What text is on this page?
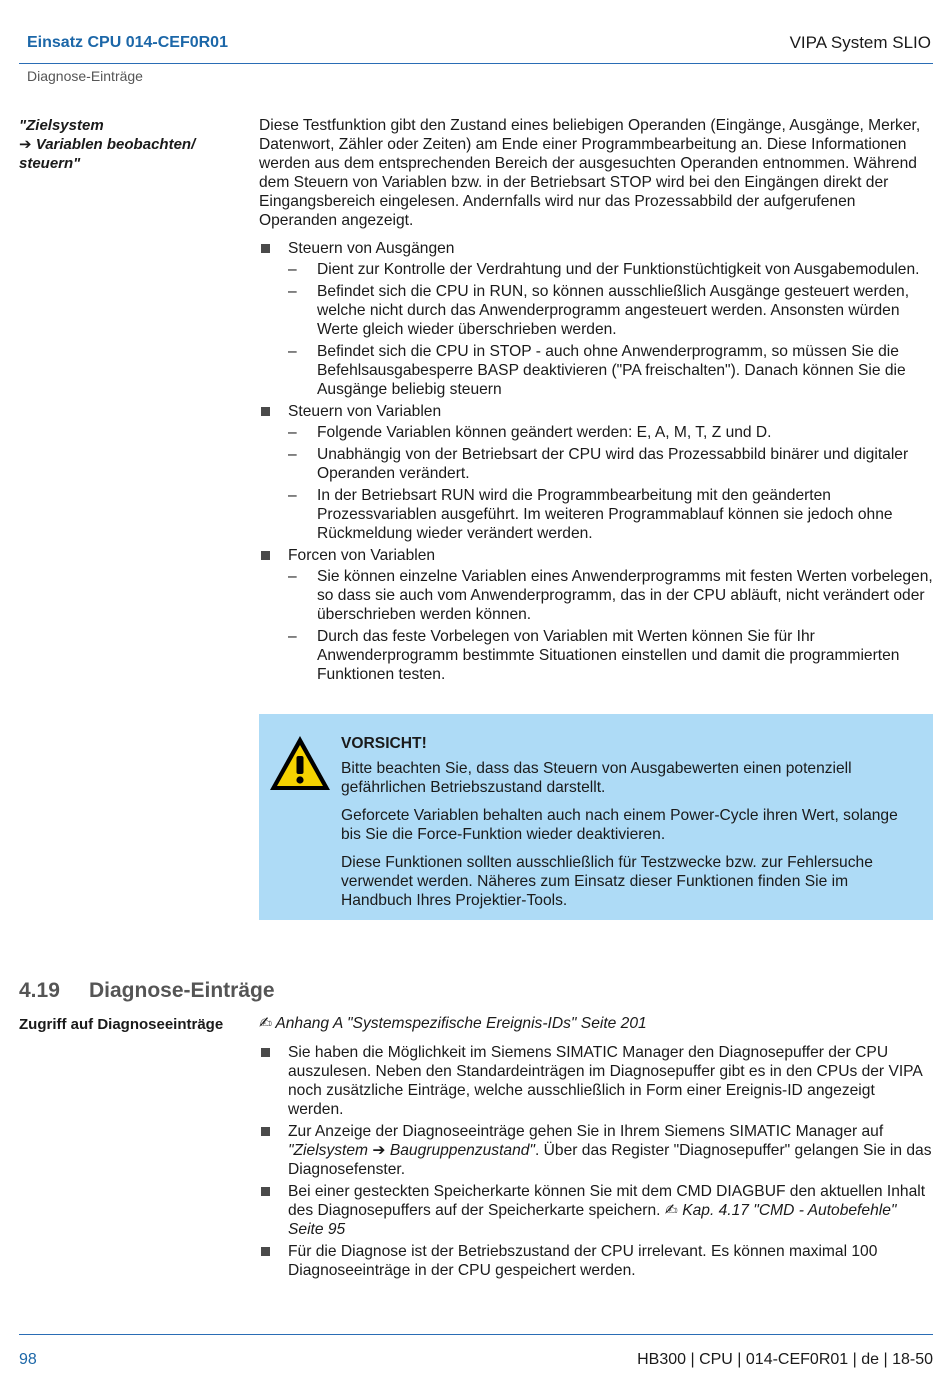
Einsatz CPU 014-CEF0R01	VIPA System SLIO
Diagnose-Einträge
"Zielsystem
➔ Variablen beobachten/
steuern"

Diese Testfunktion gibt den Zustand eines beliebigen Operanden (Eingänge, Ausgänge, Merker, Datenwort, Zähler oder Zeiten) am Ende einer Programmbearbeitung an. Diese Informationen werden aus dem entsprechenden Bereich der ausgesuchten Operanden entnommen. Während dem Steuern von Variablen bzw. in der Betriebsart STOP wird bei den Eingängen direkt der Eingangsbereich eingelesen. Andernfalls wird nur das Prozessabbild der aufgerufenen Operanden angezeigt.

Steuern von Ausgängen
– Dient zur Kontrolle der Verdrahtung und der Funktionstüchtigkeit von Ausgabemodulen.
– Befindet sich die CPU in RUN, so können ausschließlich Ausgänge gesteuert werden, welche nicht durch das Anwenderprogramm angesteuert werden. Ansonsten würden Werte gleich wieder überschrieben werden.
– Befindet sich die CPU in STOP - auch ohne Anwenderprogramm, so müssen Sie die Befehlsausgabesperre BASP deaktivieren ("PA freischalten"). Danach können Sie die Ausgänge beliebig steuern
Steuern von Variablen
– Folgende Variablen können geändert werden: E, A, M, T, Z und D.
– Unabhängig von der Betriebsart der CPU wird das Prozessabbild binärer und digitaler Operanden verändert.
– In der Betriebsart RUN wird die Programmbearbeitung mit den geänderten Prozessvariablen ausgeführt. Im weiteren Programmablauf können sie jedoch ohne Rückmeldung wieder verändert werden.
Forcen von Variablen
– Sie können einzelne Variablen eines Anwenderprogramms mit festen Werten vorbelegen, so dass sie auch vom Anwenderprogramm, das in der CPU abläuft, nicht verändert oder überschrieben werden können.
– Durch das feste Vorbelegen von Variablen mit Werten können Sie für Ihr Anwenderprogramm bestimmte Situationen einstellen und damit die programmierten Funktionen testen.
VORSICHT!

Bitte beachten Sie, dass das Steuern von Ausgabewerten einen potenziell gefährlichen Betriebszustand darstellt.

Geforcete Variablen behalten auch nach einem Power-Cycle ihren Wert, solange bis Sie die Force-Funktion wieder deaktivieren.

Diese Funktionen sollten ausschließlich für Testzwecke bzw. zur Fehlersuche verwendet werden. Näheres zum Einsatz dieser Funktionen finden Sie im Handbuch Ihres Projektier-Tools.

4.19 Diagnose-Einträge
Zugriff auf Diagnoseeinträge ✍ Anhang A "Systemspezifische Ereignis-IDs" Seite 201

Sie haben die Möglichkeit im Siemens SIMATIC Manager den Diagnosepuffer der CPU auszulesen. Neben den Standardeinträgen im Diagnosepuffer gibt es in den CPUs der VIPA noch zusätzliche Einträge, welche ausschließlich in Form einer Ereignis-ID angezeigt werden.
Zur Anzeige der Diagnoseeinträge gehen Sie in Ihrem Siemens SIMATIC Manager auf "Zielsystem ➔ Baugruppenzustand". Über das Register "Diagnosepuffer" gelangen Sie in das Diagnosefenster.
Bei einer gesteckten Speicherkarte können Sie mit dem CMD DIAGBUF den aktuellen Inhalt des Diagnosepuffers auf der Speicherkarte speichern. ✍ Kap. 4.17 "CMD - Autobefehle" Seite 95
Für die Diagnose ist der Betriebszustand der CPU irrelevant. Es können maximal 100 Diagnoseeinträge in der CPU gespeichert werden.
98	HB300 | CPU | 014-CEF0R01 | de | 18-50
